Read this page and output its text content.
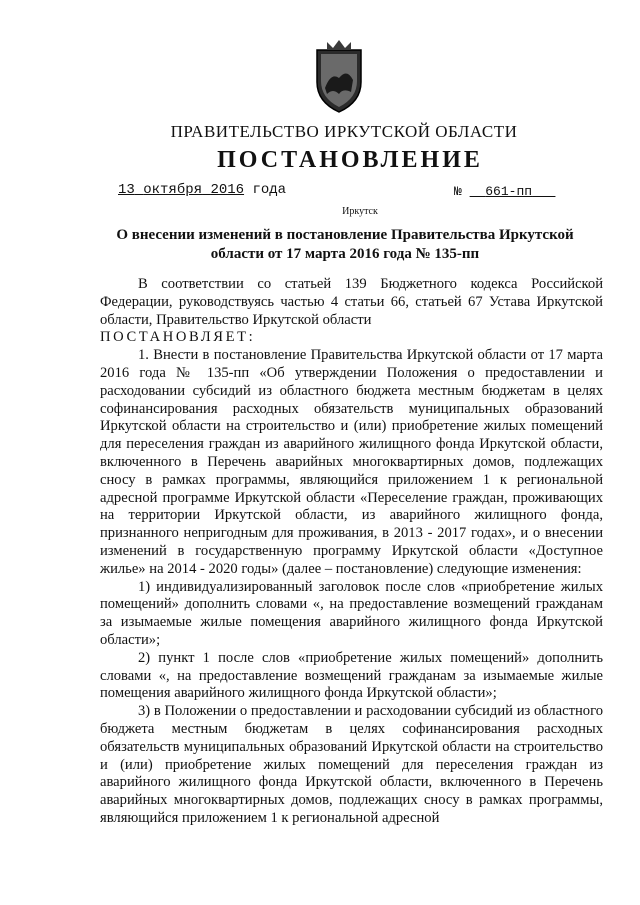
ПРАВИТЕЛЬСТВО ИРКУТСКОЙ ОБЛАСТИ
ПОСТАНОВЛЕНИЕ
13 октября 2016 года	№ 661-пп
Иркутск
О внесении изменений в постановление Правительства Иркутской области от 17 марта 2016 года № 135-пп

В соответствии со статьей 139 Бюджетного кодекса Российской Федерации, руководствуясь частью 4 статьи 66, статьей 67 Устава Иркутской области, Правительство Иркутской области

ПОСТАНОВЛЯЕТ:

1. Внести в постановление Правительства Иркутской области от 17 марта 2016 года № 135-пп «Об утверждении Положения о предоставлении и расходовании субсидий из областного бюджета местным бюджетам в целях софинансирования расходных обязательств муниципальных образований Иркутской области на строительство и (или) приобретение жилых помещений для переселения граждан из аварийного жилищного фонда Иркутской области, включенного в Перечень аварийных многоквартирных домов, подлежащих сносу в рамках программы, являющийся приложением 1 к региональной адресной программе Иркутской области «Переселение граждан, проживающих на территории Иркутской области, из аварийного жилищного фонда, признанного непригодным для проживания, в 2013 - 2017 годах», и о внесении изменений в государственную программу Иркутской области «Доступное жилье» на 2014 - 2020 годы» (далее – постановление) следующие изменения:

1) индивидуализированный заголовок после слов «приобретение жилых помещений» дополнить словами «, на предоставление возмещений гражданам за изымаемые жилые помещения аварийного жилищного фонда Иркутской области»;

2) пункт 1 после слов «приобретение жилых помещений» дополнить словами «, на предоставление возмещений гражданам за изымаемые жилые помещения аварийного жилищного фонда Иркутской области»;

3) в Положении о предоставлении и расходовании субсидий из областного бюджета местным бюджетам в целях софинансирования расходных обязательств муниципальных образований Иркутской области на строительство и (или) приобретение жилых помещений для переселения граждан из аварийного жилищного фонда Иркутской области, включенного в Перечень аварийных многоквартирных домов, подлежащих сносу в рамках программы, являющийся приложением 1 к региональной адресной
